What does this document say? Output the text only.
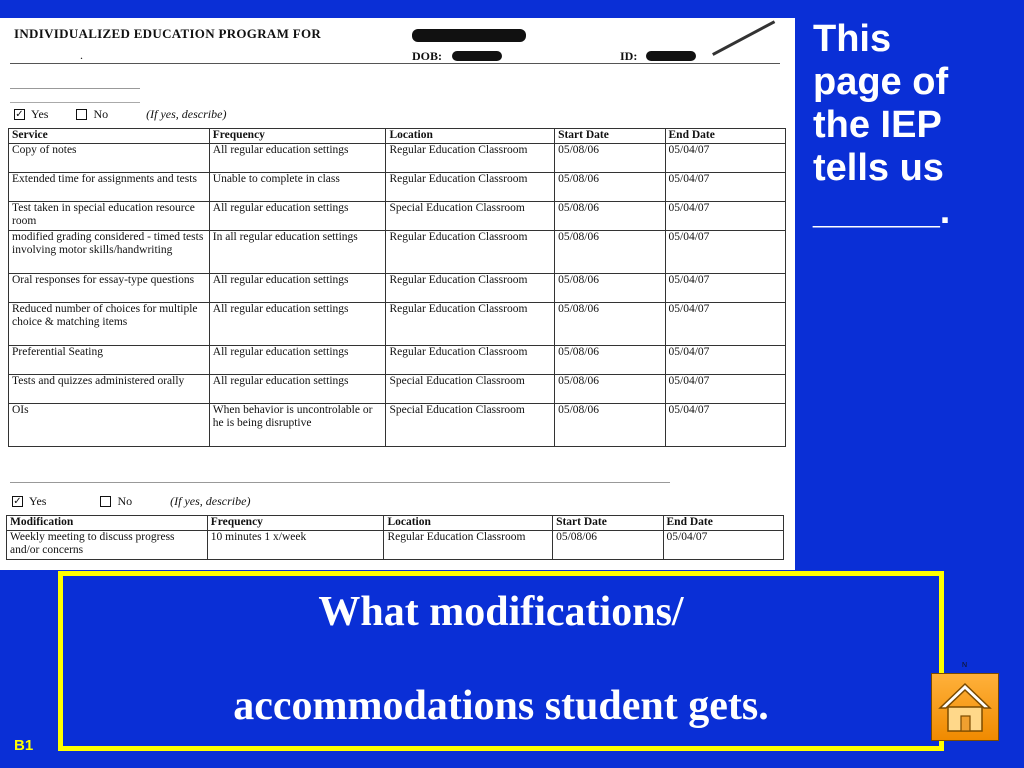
INDIVIDUALIZED EDUCATION PROGRAM FOR
.	DOB:	ID:
✓ Yes	No	(If yes, describe)
Service	Frequency	Location	Start Date	End Date
Copy of notes	All regular education settings	Regular Education Classroom	05/08/06	05/04/07
Extended time for assignments and tests	Unable to complete in class	Regular Education Classroom	05/08/06	05/04/07
Test taken in special education resource room	All regular education settings	Special Education Classroom	05/08/06	05/04/07
modified grading considered - timed tests involving motor skills/handwriting	In all regular education settings	Regular Education Classroom	05/08/06	05/04/07
Oral responses for essay-type questions	All regular education settings	Regular Education Classroom	05/08/06	05/04/07
Reduced number of choices for multiple choice & matching items	All regular education settings	Regular Education Classroom	05/08/06	05/04/07
Preferential Seating	All regular education settings	Regular Education Classroom	05/08/06	05/04/07
Tests and quizzes administered orally	All regular education settings	Special Education Classroom	05/08/06	05/04/07
OIs	When behavior is uncontrolable or he is being disruptive	Special Education Classroom	05/08/06	05/04/07
✓ Yes	No	(If yes, describe)
Modification	Frequency	Location	Start Date	End Date
Weekly meeting to discuss progress and/or concerns	10 minutes 1 x/week	Regular Education Classroom	05/08/06	05/04/07
This
page of
the IEP
tells us
______.
What modifications/
accommodations student gets.
N
B1
